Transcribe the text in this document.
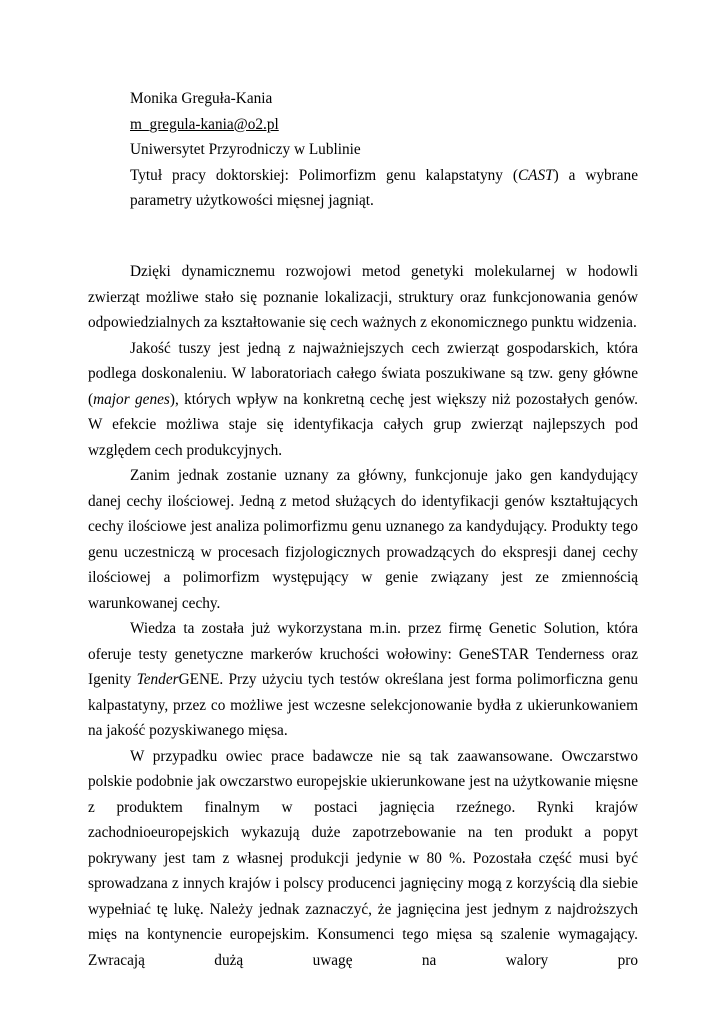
Monika Greguła-Kania
m_gregula-kania@o2.pl
Uniwersytet Przyrodniczy w Lublinie
Tytuł pracy doktorskiej: Polimorfizm genu kalapstatyny (CAST) a wybrane parametry użytkowości mięsnej jagniąt.

Dzięki dynamicznemu rozwojowi metod genetyki molekularnej w hodowli zwierząt możliwe stało się poznanie lokalizacji, struktury oraz funkcjonowania genów odpowiedzialnych za kształtowanie się cech ważnych z ekonomicznego punktu widzenia.

Jakość tuszy jest jedną z najważniejszych cech zwierząt gospodarskich, która podlega doskonaleniu. W laboratoriach całego świata poszukiwane są tzw. geny główne (major genes), których wpływ na konkretną cechę jest większy niż pozostałych genów. W efekcie możliwa staje się identyfikacja całych grup zwierząt najlepszych pod względem cech produkcyjnych.

Zanim jednak zostanie uznany za główny, funkcjonuje jako gen kandydujący danej cechy ilościowej. Jedną z metod służących do identyfikacji genów kształtujących cechy ilościowe jest analiza polimorfizmu genu uznanego za kandydujący. Produkty tego genu uczestniczą w procesach fizjologicznych prowadzących do ekspresji danej cechy ilościowej a polimorfizm występujący w genie związany jest ze zmiennością warunkowanej cechy.

Wiedza ta została już wykorzystana m.in. przez firmę Genetic Solution, która oferuje testy genetyczne markerów kruchości wołowiny: GeneSTAR Tenderness oraz Igenity TenderGENE. Przy użyciu tych testów określana jest forma polimorficzna genu kalpastatyny, przez co możliwe jest wczesne selekcjonowanie bydła z ukierunkowaniem na jakość pozyskiwanego mięsa.

W przypadku owiec prace badawcze nie są tak zaawansowane. Owczarstwo polskie podobnie jak owczarstwo europejskie ukierunkowane jest na użytkowanie mięsne z produktem finalnym w postaci jagnięcia rzeźnego. Rynki krajów zachodnioeuropejskich wykazują duże zapotrzebowanie na ten produkt a popyt pokrywany jest tam z własnej produkcji jedynie w 80 %. Pozostała część musi być sprowadzana z innych krajów i polscy producenci jagnięciny mogą z korzyścią dla siebie wypełniać tę lukę. Należy jednak zaznaczyć, że jagnięcina jest jednym z najdroższych mięs na kontynencie europejskim. Konsumenci tego mięsa są szalenie wymagający. Zwracają dużą uwagę na walory pro
